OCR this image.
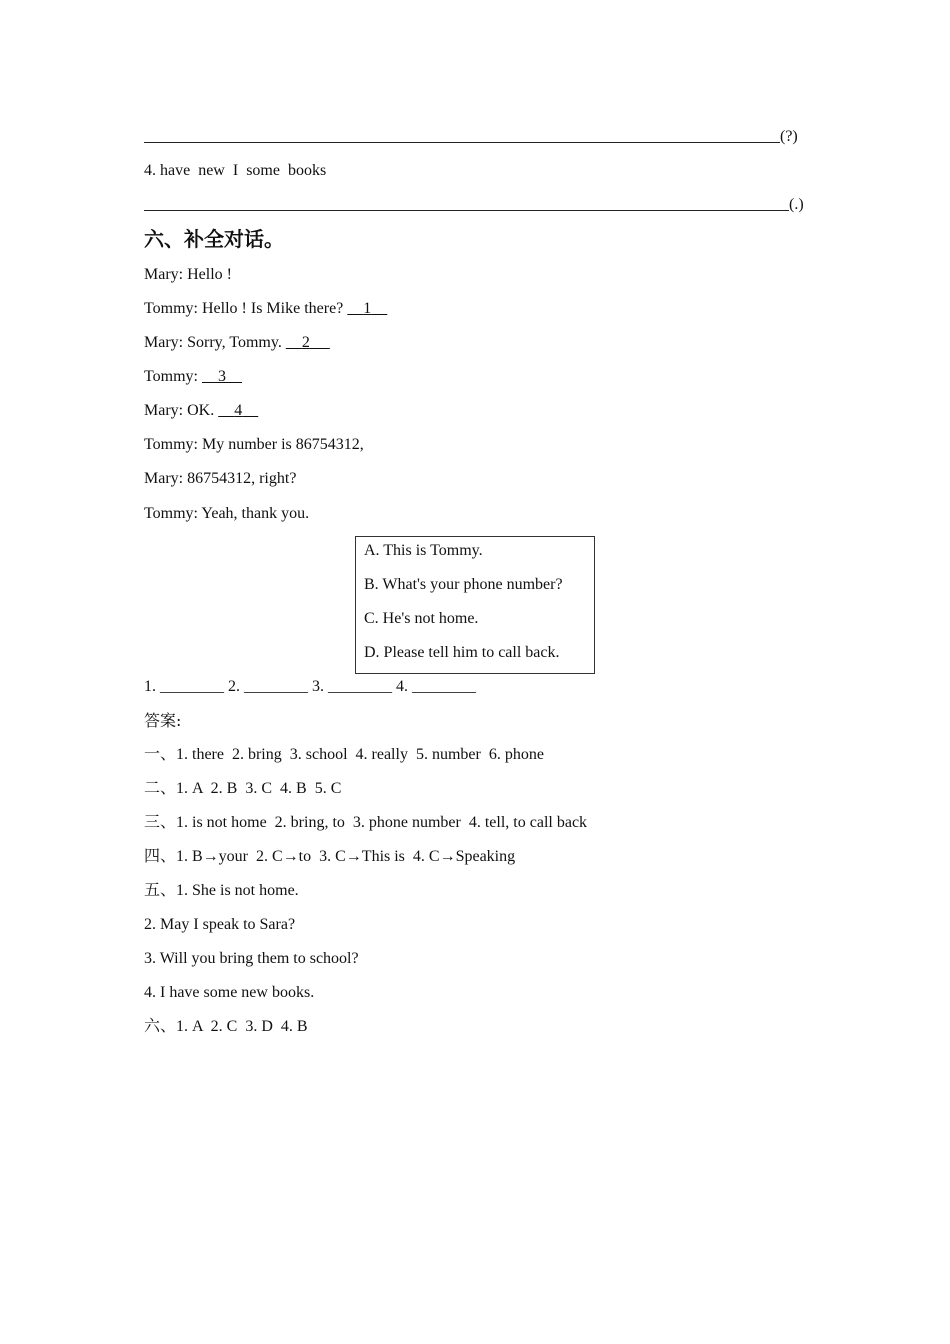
(?)
4. have  new  I  some  books
(.)
六、补全对话。
Mary: Hello !
Tommy: Hello ! Is Mike there?     1
Mary: Sorry, Tommy.     2
Tommy:     3
Mary: OK.     4
Tommy: My number is 86754312,
Mary: 86754312, right?
Tommy: Yeah, thank you.
A. This is Tommy.
B. What's your phone number?
C. He's not home.
D. Please tell him to call back.
1. ________ 2. ________ 3. ________ 4. ________
答案:
一、1. there  2. bring  3. school  4. really  5. number  6. phone
二、1. A  2. B  3. C  4. B  5. C
三、1. is not home  2. bring, to  3. phone number  4. tell, to call back
四、1. B→your  2. C→to  3. C→This is  4. C→Speaking
五、1. She is not home.
2. May I speak to Sara?
3. Will you bring them to school?
4. I have some new books.
六、1. A  2. C  3. D  4. B
